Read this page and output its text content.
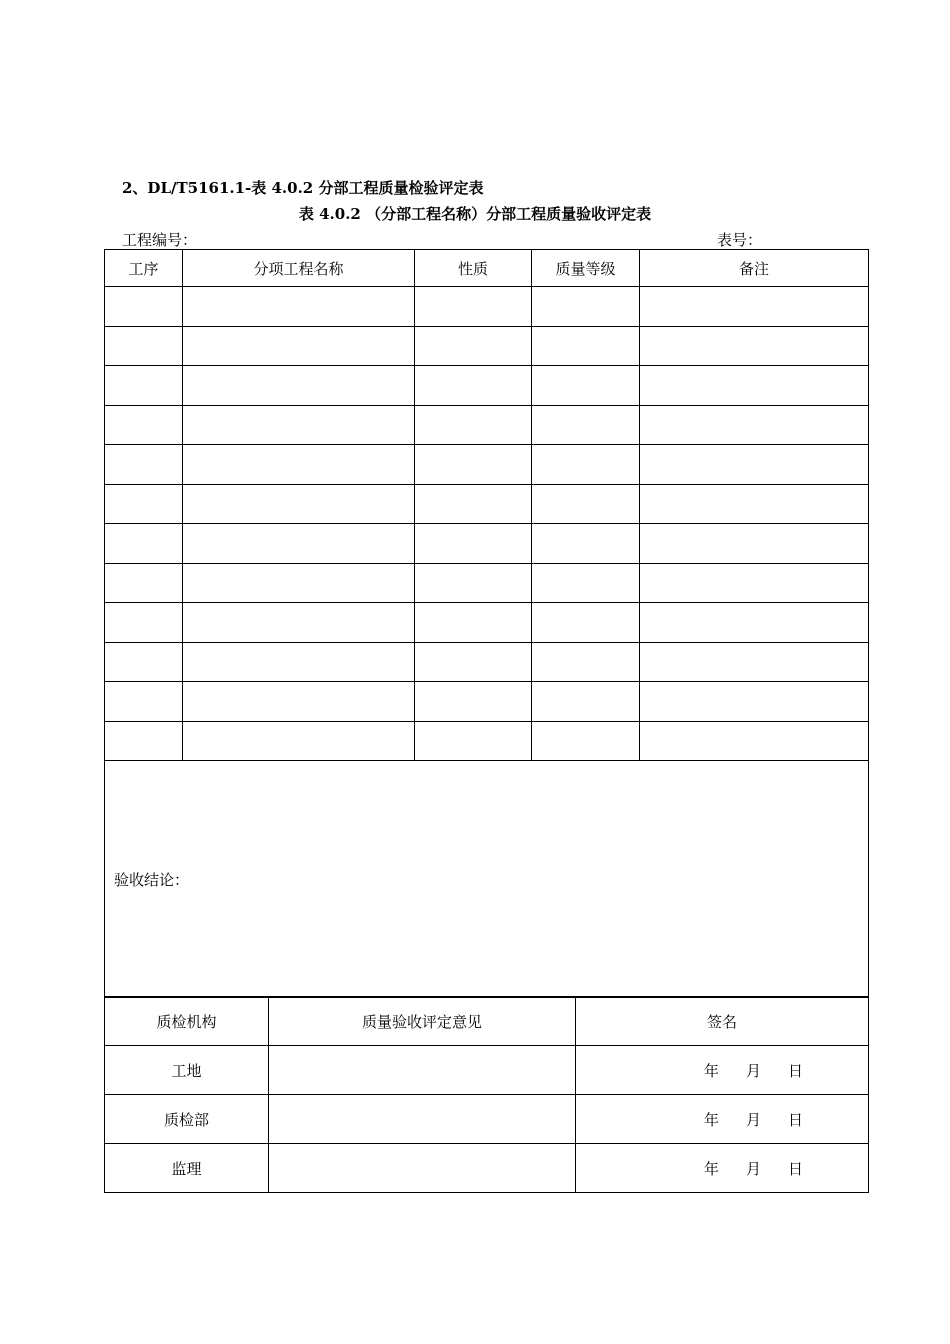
2、DL/T5161.1-表 4.0.2 分部工程质量检验评定表
表 4.0.2 （分部工程名称）分部工程质量验收评定表
工程编号：	表号：
工序	分项工程名称	性质	质量等级	备注

验收结论：				
质检机构	质量验收评定意见	签名
工地		年 月 日
质检部		年 月 日
监理		年 月 日
